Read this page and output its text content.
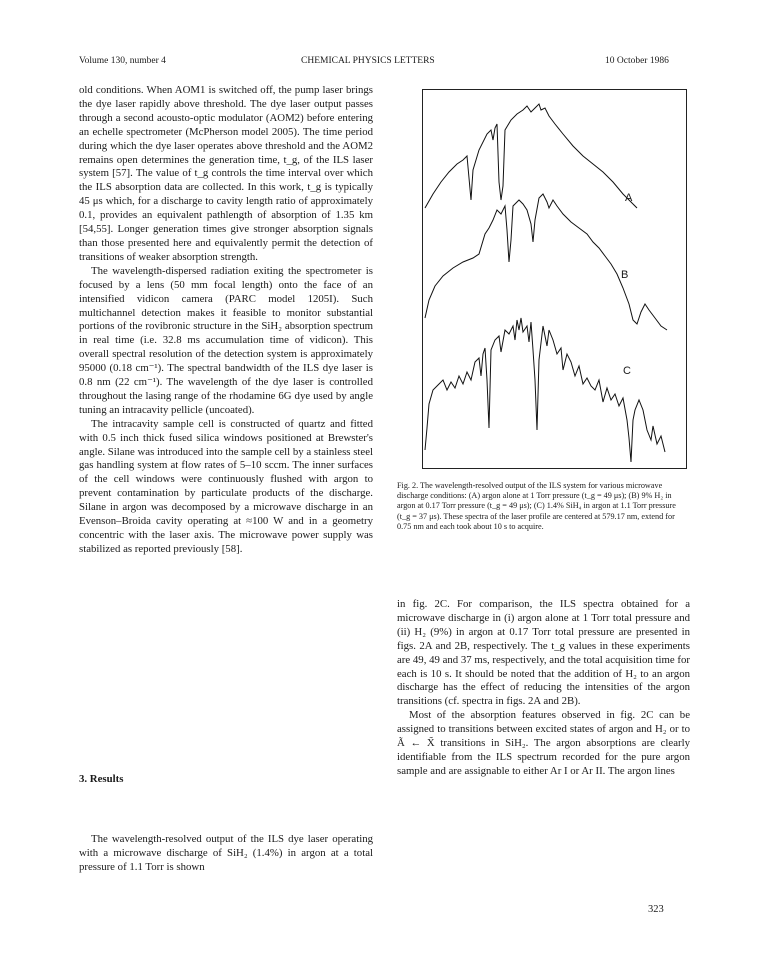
Volume 130, number 4	CHEMICAL PHYSICS LETTERS	10 October 1986

old conditions. When AOM1 is switched off, the pump laser brings the dye laser rapidly above threshold. The dye laser output passes through a second acousto-optic modulator (AOM2) before entering an echelle spectrometer (McPherson model 2005). The time period during which the dye laser operates above threshold and the AOM2 remains open determines the generation time, t_g, of the ILS laser system [57]. The value of t_g controls the time interval over which the ILS absorption data are collected. In this work, t_g is typically 45 μs which, for a discharge to cavity length ratio of approximately 0.1, provides an equivalent pathlength of absorption of 1.35 km [54,55]. Longer generation times give stronger absorption signals than those presented here and equivalently permit the detection of transitions of weaker absorption strength.

The wavelength-dispersed radiation exiting the spectrometer is focused by a lens (50 mm focal length) onto the face of an intensified vidicon camera (PARC model 1205I). Such multichannel detection makes it feasible to monitor substantial portions of the rovibronic structure in the SiH₂ absorption spectrum in real time (i.e. 32.8 ms accumulation time of vidicon). This overall spectral resolution of the detection system is approximately 95000 (0.18 cm⁻¹). The spectral bandwidth of the ILS dye laser is 0.8 nm (22 cm⁻¹). The wavelength of the dye laser is controlled throughout the lasing range of the rhodamine 6G dye used by angle tuning an intracavity pellicle (uncoated).

The intracavity sample cell is constructed of quartz and fitted with 0.5 inch thick fused silica windows positioned at Brewster's angle. Silane was introduced into the sample cell by a stainless steel gas handling system at flow rates of 5–10 sccm. The inner surfaces of the cell windows were continuously flushed with argon to prevent contamination by particulate products of the discharge. Silane in argon was decomposed by a microwave discharge in an Evenson–Broida cavity operating at ≈100 W and in a geometry concentric with the laser axis. The microwave power supply was stabilized as reported previously [58].

3. Results

The wavelength-resolved output of the ILS dye laser operating with a microwave discharge of SiH₂ (1.4%) in argon at a total pressure of 1.1 Torr is shown

A
B
C

Fig. 2. The wavelength-resolved output of the ILS system for various microwave discharge conditions: (A) argon alone at 1 Torr pressure (t_g = 49 μs); (B) 9% H₂ in argon at 0.17 Torr pressure (t_g = 49 μs); (C) 1.4% SiH₄ in argon at 1.1 Torr pressure (t_g = 37 μs). These spectra of the laser profile are centered at 579.17 nm, extend for 0.75 nm and each took about 10 s to acquire.

in fig. 2C. For comparison, the ILS spectra obtained for a microwave discharge in (i) argon alone at 1 Torr total pressure and (ii) H₂ (9%) in argon at 0.17 Torr total pressure are presented in figs. 2A and 2B, respectively. The t_g values in these experiments are 49, 49 and 37 ms, respectively, and the total acquisition time for each is 10 s. It should be noted that the addition of H₂ to an argon discharge has the effect of reducing the intensities of the argon transitions (cf. spectra in figs. 2A and 2B).

Most of the absorption features observed in fig. 2C can be assigned to transitions between excited states of argon and H₂ or to Ã ← X̃ transitions in SiH₂. The argon absorptions are clearly identifiable from the ILS spectrum recorded for the pure argon sample and are assignable to either Ar I or Ar II. The argon lines

323
